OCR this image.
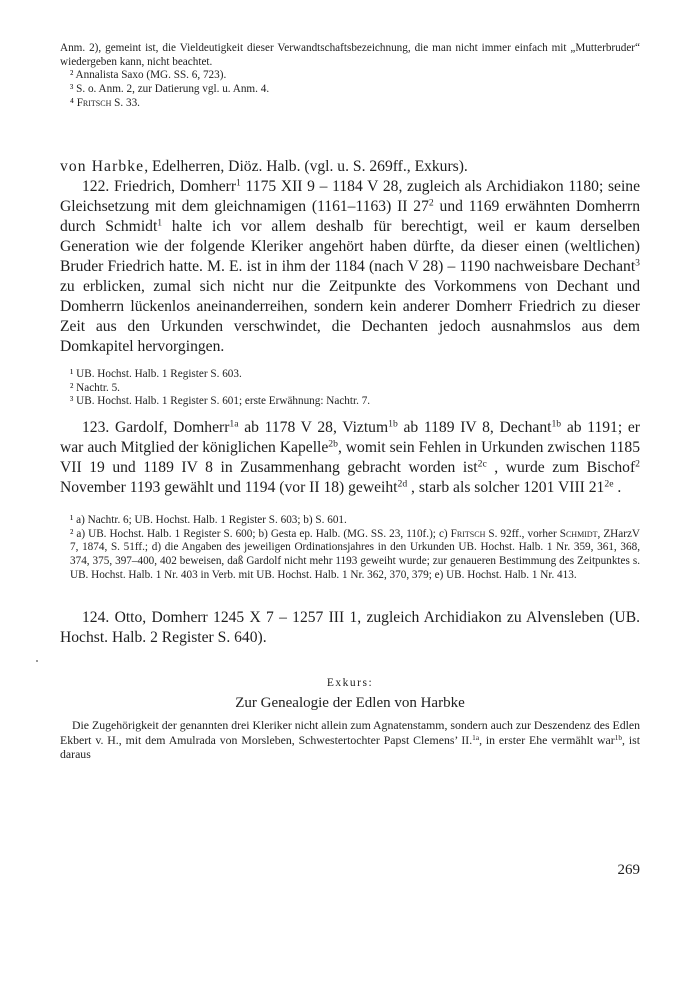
Anm. 2), gemeint ist, die Vieldeutigkeit dieser Verwandtschaftsbezeichnung, die man nicht immer einfach mit „Mutterbruder“ wiedergeben kann, nicht beachtet.

² Annalista Saxo (MG. SS. 6, 723).

³ S. o. Anm. 2, zur Datierung vgl. u. Anm. 4.

⁴ Fritsch S. 33.

von Harbke, Edelherren, Diöz. Halb. (vgl. u. S. 269ff., Exkurs).

122. Friedrich, Domherr$^1$ 1175 XII 9 – 1184 V 28, zugleich als Archidiakon 1180; seine Gleichsetzung mit dem gleichnamigen (1161–1163) II $27^2$ und 1169 erwähnten Domherrn durch Schmidt$^1$ halte ich vor allem deshalb für berechtigt, weil er kaum derselben Generation wie der folgende Kleriker angehört haben dürfte, da dieser einen (weltlichen) Bruder Friedrich hatte. M. E. ist in ihm der 1184 (nach V 28) – 1190 nachweisbare Dechant$^3$ zu erblicken, zumal sich nicht nur die Zeitpunkte des Vorkommens von Dechant und Domherrn lückenlos aneinanderreihen, sondern kein anderer Domherr Friedrich zu dieser Zeit aus den Urkunden verschwindet, die Dechanten jedoch ausnahmslos aus dem Domkapitel hervorgingen.

¹ UB. Hochst. Halb. 1 Register S. 603.

² Nachtr. 5.

³ UB. Hochst. Halb. 1 Register S. 601; erste Erwähnung: Nachtr. 7.

123. Gardolf, Domherr$^{1a}$ ab 1178 V 28, Viztum$^{1b}$ ab 1189 IV 8, Dechant$^{1b}$ ab 1191; er war auch Mitglied der königlichen Kapelle$^{2b}$, womit sein Fehlen in Urkunden zwischen 1185 VII 19 und 1189 IV 8 in Zusammenhang gebracht worden ist$^{2c}$ , wurde zum Bischof$^2$ November 1193 gewählt und 1194 (vor II 18) geweiht$^{2d}$ , starb als solcher 1201 VIII $21^{2e}$ .

¹ a) Nachtr. 6; UB. Hochst. Halb. 1 Register S. 603; b) S. 601.

² a) UB. Hochst. Halb. 1 Register S. 600; b) Gesta ep. Halb. (MG. SS. 23, 110f.); c) Fritsch S. 92ff., vorher Schmidt, ZHarzV 7, 1874, S. 51ff.; d) die Angaben des jeweiligen Ordinationsjahres in den Urkunden UB. Hochst. Halb. 1 Nr. 359, 361, 368, 374, 375, 397–400, 402 beweisen, daß Gardolf nicht mehr 1193 geweiht wurde; zur genaueren Bestimmung des Zeitpunktes s. UB. Hochst. Halb. 1 Nr. 403 in Verb. mit UB. Hochst. Halb. 1 Nr. 362, 370, 379; e) UB. Hochst. Halb. 1 Nr. 413.

124. Otto, Domherr 1245 X 7 – 1257 III 1, zugleich Archidiakon zu Alvensleben (UB. Hochst. Halb. 2 Register S. 640).

Exkurs:
Zur Genealogie der Edlen von Harbke

Die Zugehörigkeit der genannten drei Kleriker nicht allein zum Agnatenstamm, sondern auch zur Deszendenz des Edlen Ekbert v. H., mit dem Amulrada von Morsleben, Schwestertochter Papst Clemens’ II.$^{1a}$, in erster Ehe vermählt war$^{1b}$, ist daraus

269
